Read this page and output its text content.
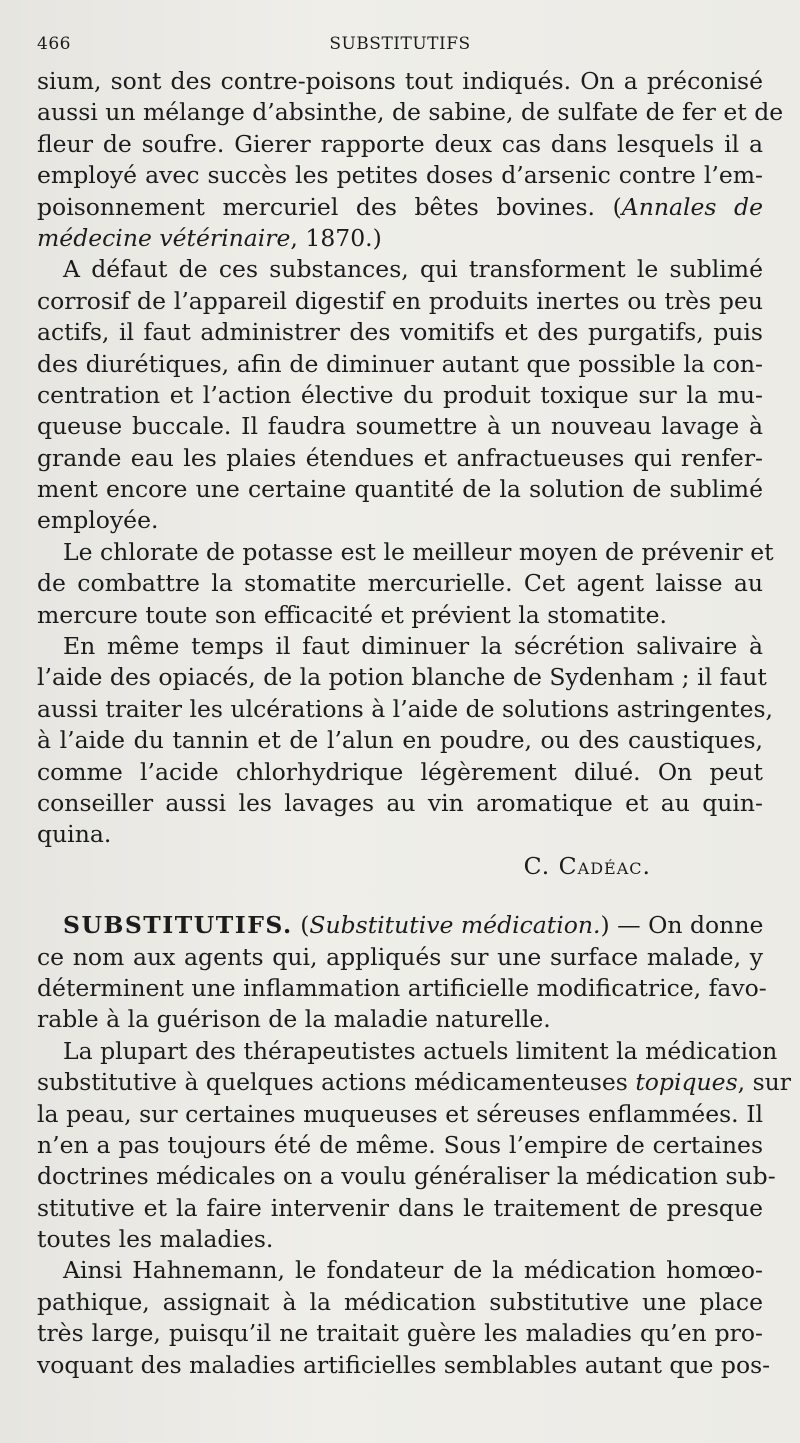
466	SUBSTITUTIFS
sium, sont des contre-poisons tout indiqués. On a préconisé
aussi un mélange d’absinthe, de sabine, de sulfate de fer et de
fleur de soufre. Gierer rapporte deux cas dans lesquels il a
employé avec succès les petites doses d’arsenic contre l’em-
poisonnement mercuriel des bêtes bovines. (Annales de
médecine vétérinaire, 1870.)
A défaut de ces substances, qui transforment le sublimé
corrosif de l’appareil digestif en produits inertes ou très peu
actifs, il faut administrer des vomitifs et des purgatifs, puis
des diurétiques, afin de diminuer autant que possible la con-
centration et l’action élective du produit toxique sur la mu-
queuse buccale. Il faudra soumettre à un nouveau lavage à
grande eau les plaies étendues et anfractueuses qui renfer-
ment encore une certaine quantité de la solution de sublimé
employée.
Le chlorate de potasse est le meilleur moyen de prévenir et
de combattre la stomatite mercurielle. Cet agent laisse au
mercure toute son efficacité et prévient la stomatite.
En même temps il faut diminuer la sécrétion salivaire à
l’aide des opiacés, de la potion blanche de Sydenham ; il faut
aussi traiter les ulcérations à l’aide de solutions astringentes,
à l’aide du tannin et de l’alun en poudre, ou des caustiques,
comme l’acide chlorhydrique légèrement dilué. On peut
conseiller aussi les lavages au vin aromatique et au quin-
quina.
C. Cadéac.
SUBSTITUTIFS. (Substitutive médication.) — On donne
ce nom aux agents qui, appliqués sur une surface malade, y
déterminent une inflammation artificielle modificatrice, favo-
rable à la guérison de la maladie naturelle.
La plupart des thérapeutistes actuels limitent la médication
substitutive à quelques actions médicamenteuses topiques, sur
la peau, sur certaines muqueuses et séreuses enflammées. Il
n’en a pas toujours été de même. Sous l’empire de certaines
doctrines médicales on a voulu généraliser la médication sub-
stitutive et la faire intervenir dans le traitement de presque
toutes les maladies.
Ainsi Hahnemann, le fondateur de la médication homœo-
pathique, assignait à la médication substitutive une place
très large, puisqu’il ne traitait guère les maladies qu’en pro-
voquant des maladies artificielles semblables autant que pos-
